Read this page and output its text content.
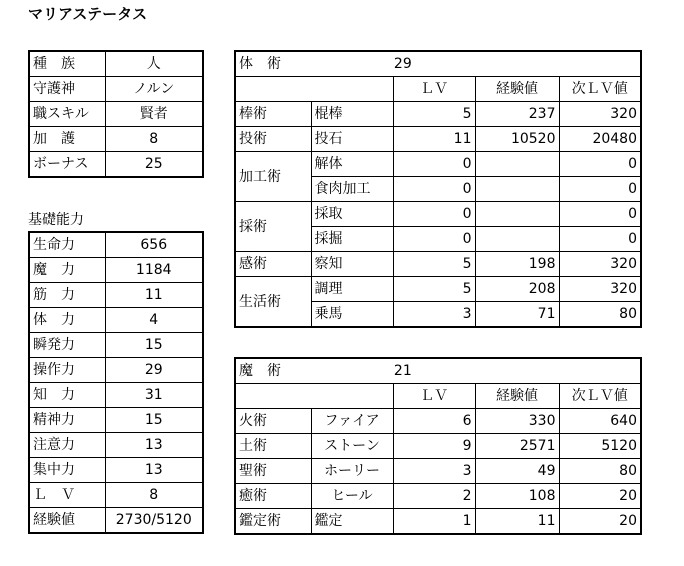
マリアステータス
種　族	人
守護神	ノルン
職スキル	賢者
加　護	8
ボーナス	25
基礎能力
生命力	656
魔　力	1184
筋　力	11
体　力	4
瞬発力	15
操作力	29
知　力	31
精神力	15
注意力	13
集中力	13
Ｌ　Ｖ	8
経験値	2730/5120
体　術 29				
		ＬＶ	経験値	次ＬＶ値
棒術	棍棒	5	237	320
投術	投石	11	10520	20480
加工術	解体	0		0
	食肉加工	0		0
採術	採取	0		0
	採掘	0		0
感術	察知	5	198	320
生活術	調理	5	208	320
	乗馬	3	71	80
魔　術 21				
		ＬＶ	経験値	次ＬＶ値
火術	ファイア	6	330	640
土術	ストーン	9	2571	5120
聖術	ホーリー	3	49	80
癒術	ヒール	2	108	20
鑑定術	鑑定	1	11	20
